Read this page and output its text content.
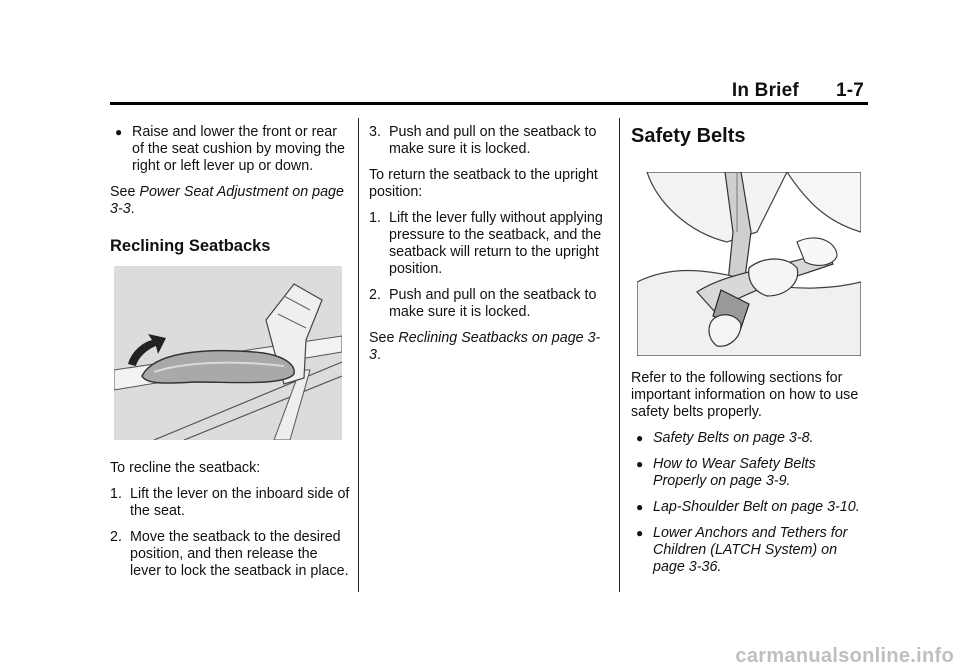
In Brief 1-7

● Raise and lower the front or rear of the seat cushion by moving the right or left lever up or down.

See Power Seat Adjustment on page 3-3.

Reclining Seatbacks

To recline the seatback:

1. Lift the lever on the inboard side of the seat.

2. Move the seatback to the desired position, and then release the lever to lock the seatback in place.

3. Push and pull on the seatback to make sure it is locked.

To return the seatback to the upright position:

1. Lift the lever fully without applying pressure to the seatback, and the seatback will return to the upright position.

2. Push and pull on the seatback to make sure it is locked.

See Reclining Seatbacks on page 3-3.

Safety Belts

Refer to the following sections for important information on how to use safety belts properly.

● Safety Belts on page 3-8.

● How to Wear Safety Belts Properly on page 3-9.

● Lap-Shoulder Belt on page 3-10.

● Lower Anchors and Tethers for Children (LATCH System) on page 3-36.

carmanualsonline.info
